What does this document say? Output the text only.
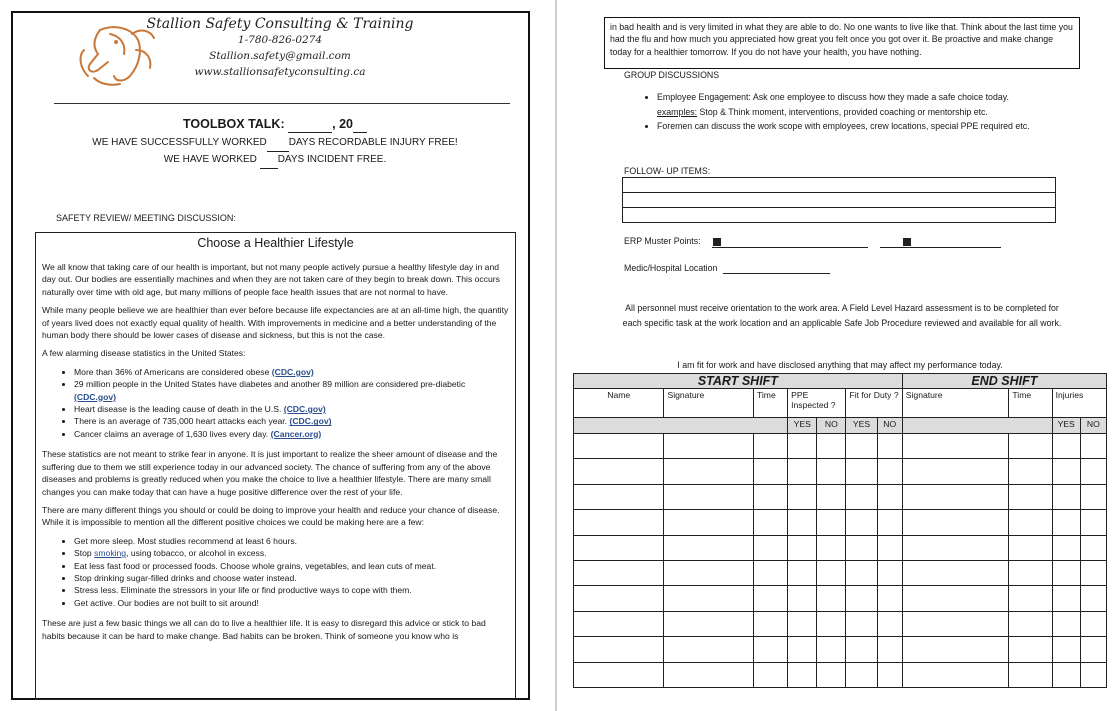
Stallion Safety Consulting & Training
1-780-826-0274
Stallion.safety@gmail.com
www.stallionsafetyconsulting.ca
TOOLBOX TALK:	, 20
WE HAVE SUCCESSFULLY WORKED DAYS RECORDABLE INJURY FREE!
WE HAVE WORKED DAYS INCIDENT FREE.
SAFETY REVIEW/ MEETING DISCUSSION:
Choose a Healthier Lifestyle

We all know that taking care of our health is important, but not many people actively pursue a healthy lifestyle day in and day out. Our bodies are essentially machines and when they are not taken care of they begin to break down. This occurs naturally over time with old age, but many millions of people face health issues that are not normal to have.

While many people believe we are healthier than ever before because life expectancies are at an all-time high, the quantity of years lived does not exactly equal quality of health. With improvements in medicine and a better understanding of the human body there should be lower cases of disease and sickness, but this is not the case.

A few alarming disease statistics in the United States:

• More than 36% of Americans are considered obese (CDC.gov)
• 29 million people in the United States have diabetes and another 89 million are considered pre-diabetic (CDC.gov)
• Heart disease is the leading cause of death in the U.S. (CDC.gov)
• There is an average of 735,000 heart attacks each year. (CDC.gov)
• Cancer claims an average of 1,630 lives every day. (Cancer.org)

These statistics are not meant to strike fear in anyone. It is just important to realize the sheer amount of disease and the suffering due to them we still experience today in our advanced society. The chance of suffering from any of the above diseases and problems is greatly reduced when you make the choice to live a healthier lifestyle. There are many small changes you can make today that can have a huge positive difference over the rest of your life.

There are many different things you should or could be doing to improve your health and reduce your chance of disease. While it is impossible to mention all the different positive choices we could be making here are a few:

• Get more sleep. Most studies recommend at least 6 hours.
• Stop smoking, using tobacco, or alcohol in excess.
• Eat less fast food or processed foods. Choose whole grains, vegetables, and lean cuts of meat.
• Stop drinking sugar-filled drinks and choose water instead.
• Stress less. Eliminate the stressors in your life or find productive ways to cope with them.
• Get active. Our bodies are not built to sit around!

These are just a few basic things we all can do to live a healthier life. It is easy to disregard this advice or stick to bad habits because it can be hard to make change. Bad habits can be broken. Think of someone you know who is

in bad health and is very limited in what they are able to do. No one wants to live like that. Think about the last time you had the flu and how much you appreciated how great you felt once you got over it. Be proactive and make change today for a healthier tomorrow. If you do not have your health, you have nothing.
GROUP DISCUSSIONS
• Employee Engagement: Ask one employee to discuss how they made a safe choice today.
examples: Stop & Think moment, interventions, provided coaching or mentorship etc.
• Foremen can discuss the work scope with employees, crew locations, special PPE required etc.
FOLLOW- UP ITEMS:

ERP Muster Points:
Medic/Hospital Location
All personnel must receive orientation to the work area. A Field Level Hazard assessment is to be completed for each specific task at the work location and an applicable Safe Job Procedure reviewed and available for all work.
I am fit for work and have disclosed anything that may affect my performance today.
START SHIFT							END SHIFT			
Name	Signature	Time	PPE Inspected ?		Fit for Duty ?		Signature	Time	Injuries	
			YES	NO	YES	NO			YES	NO
